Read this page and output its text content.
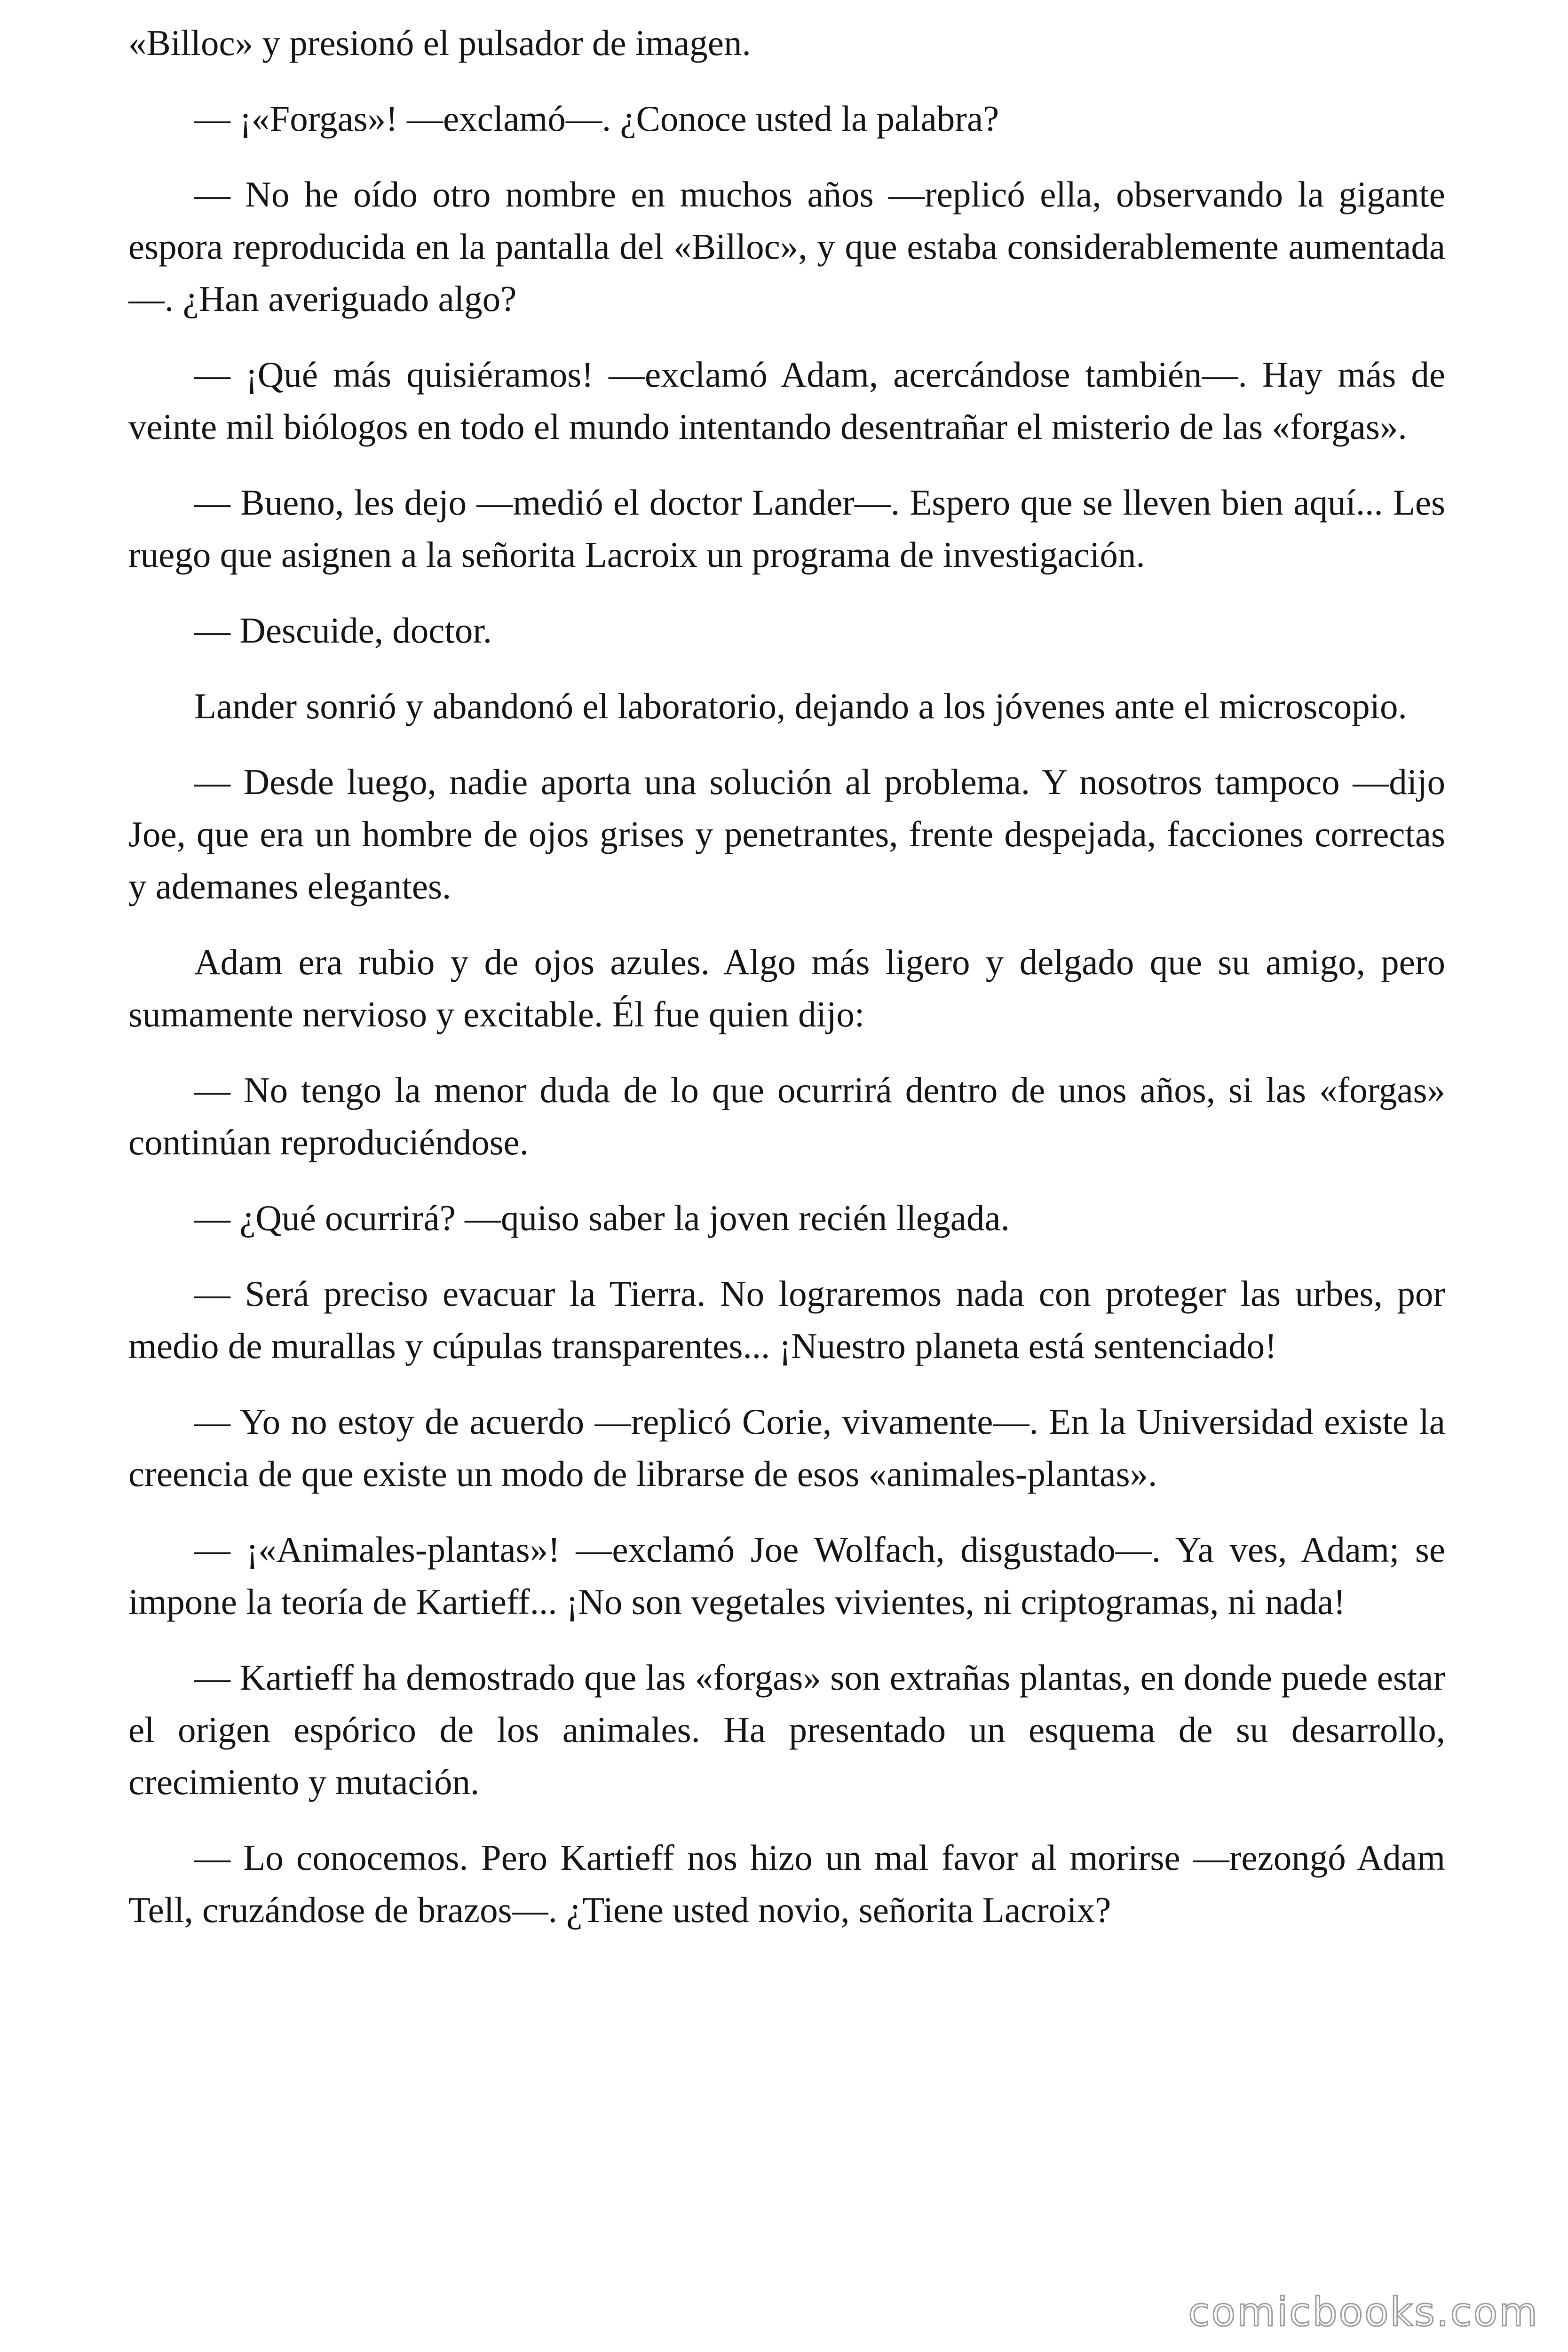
«Billoc» y presionó el pulsador de imagen.

— ¡«Forgas»! —exclamó—. ¿Conoce usted la palabra?

— No he oído otro nombre en muchos años —replicó ella, observando la gigante espora reproducida en la pantalla del «Billoc», y que estaba considerablemente aumentada—. ¿Han averiguado algo?

— ¡Qué más quisiéramos! —exclamó Adam, acercándose también—. Hay más de veinte mil biólogos en todo el mundo intentando desentrañar el misterio de las «forgas».

— Bueno, les dejo —medió el doctor Lander—. Espero que se lleven bien aquí... Les ruego que asignen a la señorita Lacroix un programa de investigación.

— Descuide, doctor.

Lander sonrió y abandonó el laboratorio, dejando a los jóvenes ante el microscopio.

— Desde luego, nadie aporta una solución al problema. Y nosotros tampoco —dijo Joe, que era un hombre de ojos grises y penetrantes, frente despejada, facciones correctas y ademanes elegantes.

Adam era rubio y de ojos azules. Algo más ligero y delgado que su amigo, pero sumamente nervioso y excitable. Él fue quien dijo:

— No tengo la menor duda de lo que ocurrirá dentro de unos años, si las «forgas» continúan reproduciéndose.

— ¿Qué ocurrirá? —quiso saber la joven recién llegada.

— Será preciso evacuar la Tierra. No lograremos nada con proteger las urbes, por medio de murallas y cúpulas transparentes... ¡Nuestro planeta está sentenciado!

— Yo no estoy de acuerdo —replicó Corie, vivamente—. En la Universidad existe la creencia de que existe un modo de librarse de esos «animales-plantas».

— ¡«Animales-plantas»! —exclamó Joe Wolfach, disgustado—. Ya ves, Adam; se impone la teoría de Kartieff... ¡No son vegetales vivientes, ni criptogramas, ni nada!

— Kartieff ha demostrado que las «forgas» son extrañas plantas, en donde puede estar el origen espórico de los animales. Ha presentado un esquema de su desarrollo, crecimiento y mutación.

— Lo conocemos. Pero Kartieff nos hizo un mal favor al morirse —rezongó Adam Tell, cruzándose de brazos—. ¿Tiene usted novio, señorita Lacroix?

comicbooks.com
